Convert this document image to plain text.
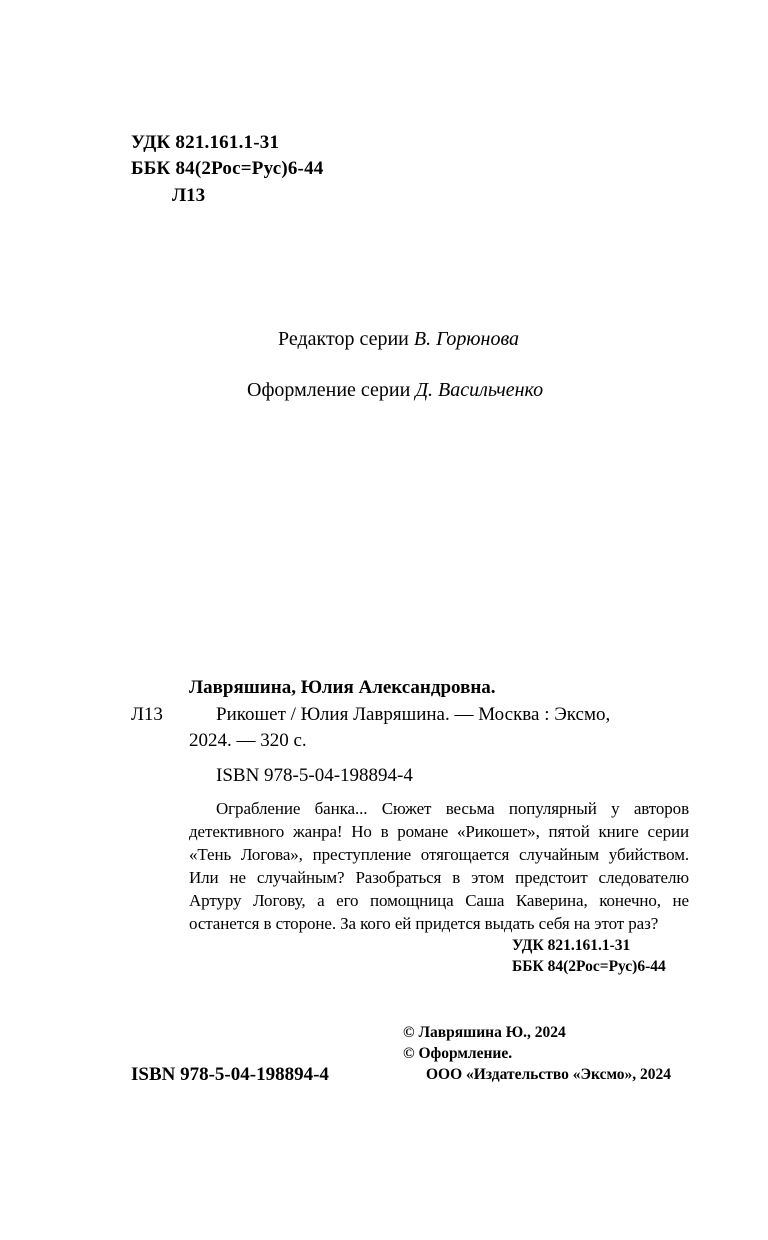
УДК 821.161.1-31
ББК 84(2Рос=Рус)6-44
Л13
Редактор серии В. Горюнова
Оформление серии Д. Васильченко
Лавряшина, Юлия Александровна.
Л13	Рикошет / Юлия Лавряшина. — Москва : Эксмо,
2024. — 320 с.
ISBN 978-5-04-198894-4
Ограбление банка... Сюжет весьма популярный у авторов детективного жанра! Но в романе «Рикошет», пятой книге серии «Тень Логова», преступление отягощается случайным убийством. Или не случайным? Разобраться в этом предстоит следователю Артуру Логову, а его помощница Саша Каверина, конечно, не останется в стороне. За кого ей придется выдать себя на этот раз?
УДК 821.161.1-31
ББК 84(2Рос=Рус)6-44
© Лавряшина Ю., 2024
© Оформление.
ООО «Издательство «Эксмо», 2024
ISBN 978-5-04-198894-4
